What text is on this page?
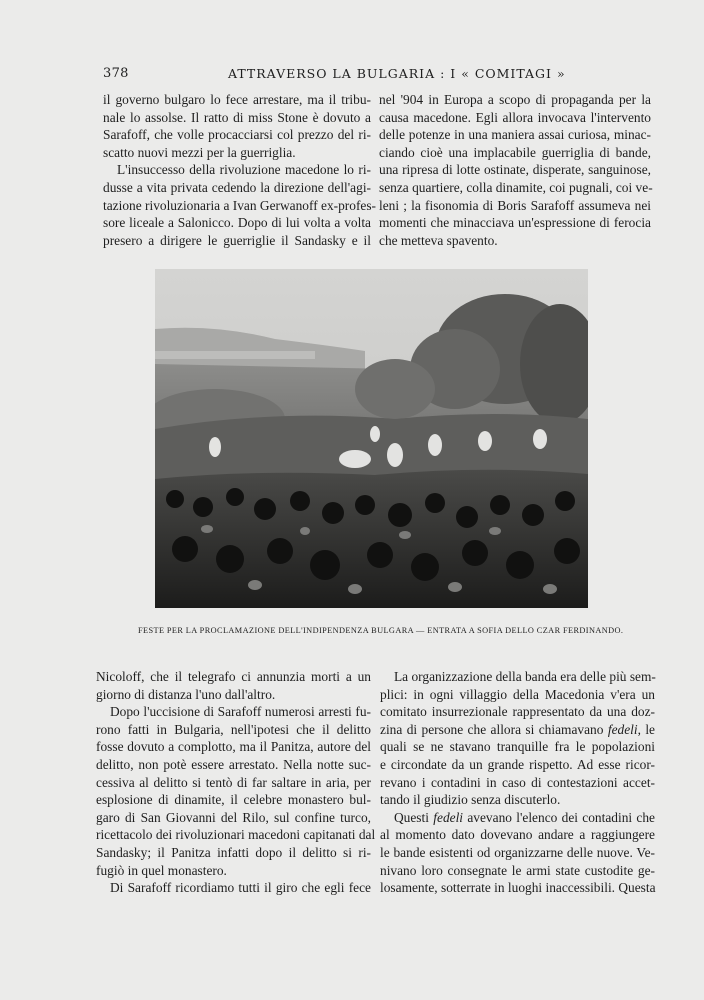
378	ATTRAVERSO LA BULGARIA : I « COMITAGI »

il governo bulgaro lo fece arrestare, ma il tribu-
nale lo assolse. Il ratto di miss Stone è dovuto a
Sarafoff, che volle procacciarsi col prezzo del ri-
scatto nuovi mezzi per la guerriglia.

L'insuccesso della rivoluzione macedone lo ri-
dusse a vita privata cedendo la direzione dell'agi-
tazione rivoluzionaria a Ivan Gerwanoff ex-profes-
sore liceale a Salonicco. Dopo di lui volta a volta
presero a dirigere le guerriglie il Sandasky e il

nel '904 in Europa a scopo di propaganda per la
causa macedone. Egli allora invocava l'intervento
delle potenze in una maniera assai curiosa, minac-
ciando cioè una implacabile guerriglia di bande,
una ripresa di lotte ostinate, disperate, sanguinose,
senza quartiere, colla dinamite, coi pugnali, coi ve-
leni ; la fisonomia di Boris Sarafoff assumeva nei
momenti che minacciava un'espressione di ferocia
che metteva spavento.

FESTE PER LA PROCLAMAZIONE DELL'INDIPENDENZA BULGARA — ENTRATA A SOFIA DELLO CZAR FERDINANDO.

Nicoloff, che il telegrafo ci annunzia morti a un
giorno di distanza l'uno dall'altro.

Dopo l'uccisione di Sarafoff numerosi arresti fu-
rono fatti in Bulgaria, nell'ipotesi che il delitto
fosse dovuto a complotto, ma il Panitza, autore del
delitto, non potè essere arrestato. Nella notte suc-
cessiva al delitto si tentò di far saltare in aria, per
esplosione di dinamite, il celebre monastero bul-
garo di San Giovanni del Rilo, sul confine turco,
ricettacolo dei rivoluzionari macedoni capitanati dal
Sandasky; il Panitza infatti dopo il delitto si ri-
fugiò in quel monastero.

Di Sarafoff ricordiamo tutti il giro che egli fece

La organizzazione della banda era delle più sem-
plici: in ogni villaggio della Macedonia v'era un
comitato insurrezionale rappresentato da una doz-
zina di persone che allora si chiamavano fedeli, le
quali se ne stavano tranquille fra le popolazioni
e circondate da un grande rispetto. Ad esse ricor-
revano i contadini in caso di contestazioni accet-
tando il giudizio senza discuterlo.

Questi fedeli avevano l'elenco dei contadini che
al momento dato dovevano andare a raggiungere
le bande esistenti od organizzarne delle nuove. Ve-
nivano loro consegnate le armi state custodite ge-
losamente, sotterrate in luoghi inaccessibili. Questa
